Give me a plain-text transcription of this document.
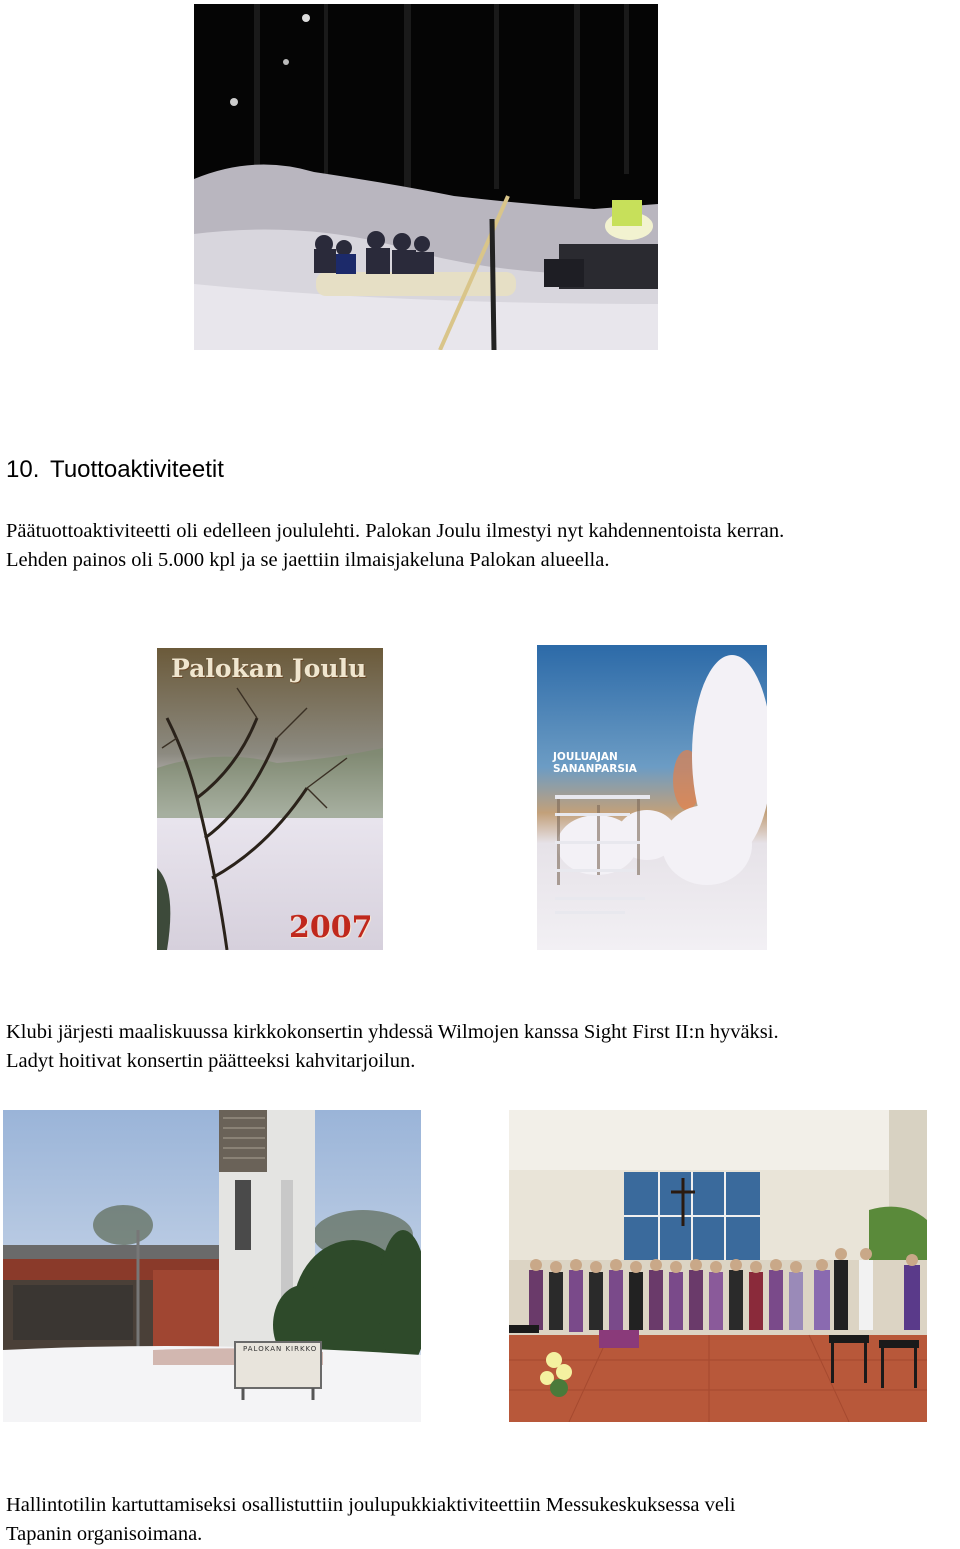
10. Tuottoaktiviteetit
Päätuottoaktiviteetti oli edelleen joululehti. Palokan Joulu ilmestyi nyt kahdennentoista kerran.
Lehden painos oli 5.000 kpl ja se jaettiin ilmaisjakeluna Palokan alueella.
Palokan Joulu
2007
JOULUAJAN
SANANPARSIA
Klubi järjesti maaliskuussa kirkkokonsertin yhdessä Wilmojen kanssa Sight First II:n hyväksi.
Ladyt hoitivat konsertin päätteeksi kahvitarjoilun.
PALOKAN KIRKKO
Hallintotilin kartuttamiseksi osallistuttiin joulupukkiaktiviteettiin Messukeskuksessa veli
Tapanin organisoimana.
